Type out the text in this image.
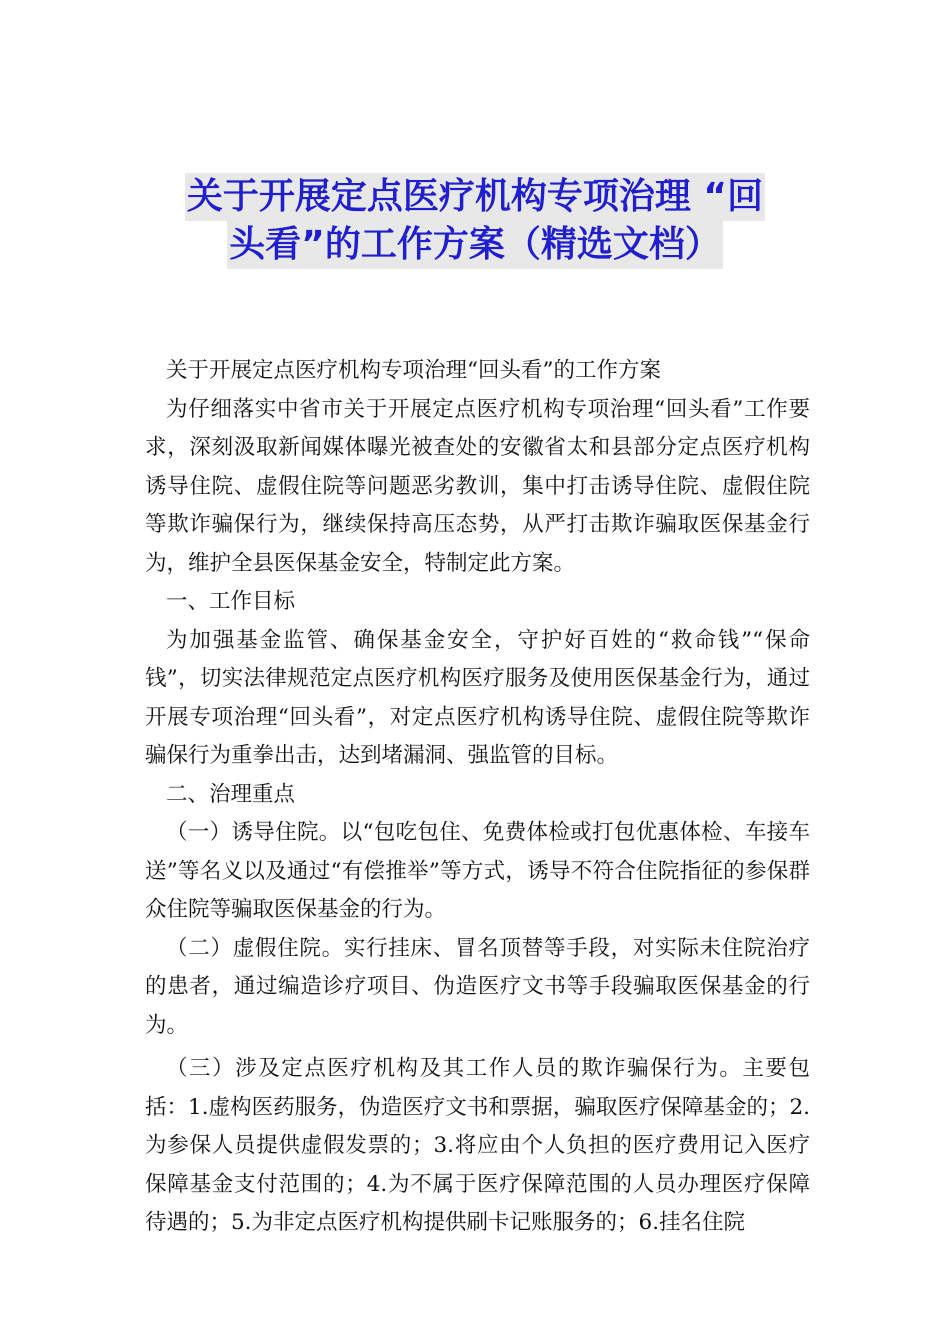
关于开展定点医疗机构专项治理 “回
头看”的工作方案（精选文档）

关于开展定点医疗机构专项治理“回头看”的工作方案

为仔细落实中省市关于开展定点医疗机构专项治理“回头看”工作要求，深刻汲取新闻媒体曝光被查处的安徽省太和县部分定点医疗机构诱导住院、虚假住院等问题恶劣教训，集中打击诱导住院、虚假住院等欺诈骗保行为，继续保持高压态势，从严打击欺诈骗取医保基金行为，维护全县医保基金安全，特制定此方案。

一、工作目标

为加强基金监管、确保基金安全，守护好百姓的“救命钱”“保命钱”，切实法律规范定点医疗机构医疗服务及使用医保基金行为，通过开展专项治理“回头看”，对定点医疗机构诱导住院、虚假住院等欺诈骗保行为重拳出击，达到堵漏洞、强监管的目标。

二、治理重点

（一）诱导住院。以“包吃包住、免费体检或打包优惠体检、车接车送”等名义以及通过“有偿推举”等方式，诱导不符合住院指征的参保群众住院等骗取医保基金的行为。

（二）虚假住院。实行挂床、冒名顶替等手段，对实际未住院治疗的患者，通过编造诊疗项目、伪造医疗文书等手段骗取医保基金的行为。

（三）涉及定点医疗机构及其工作人员的欺诈骗保行为。主要包括：1.虚构医药服务，伪造医疗文书和票据，骗取医疗保障基金的；2.为参保人员提供虚假发票的；3.将应由个人负担的医疗费用记入医疗保障基金支付范围的；4.为不属于医疗保障范围的人员办理医疗保障待遇的；5.为非定点医疗机构提供刷卡记账服务的；6.挂名住院
